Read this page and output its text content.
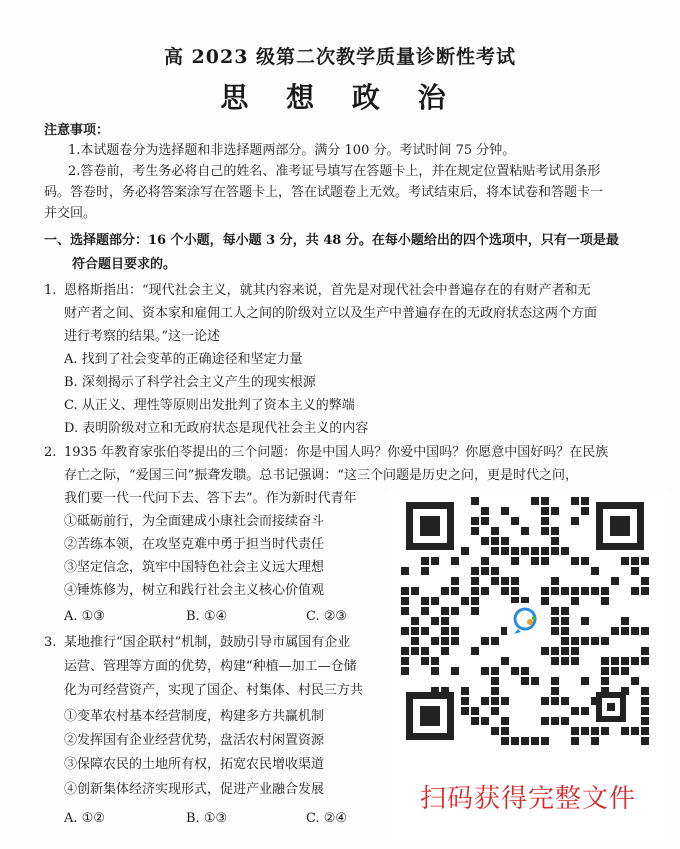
高 2023 级第二次教学质量诊断性考试
思 想 政 治
注意事项：
1.本试题卷分为选择题和非选择题两部分。满分 100 分。考试时间 75 分钟。
2.答卷前，考生务必将自己的姓名、准考证号填写在答题卡上，并在规定位置粘贴考试用条形
码。答卷时，务必将答案涂写在答题卡上，答在试题卷上无效。考试结束后，将本试卷和答题卡一
并交回。
一、选择题部分：16 个小题，每小题 3 分，共 48 分。在每小题给出的四个选项中，只有一项是最
符合题目要求的。
1. 恩格斯指出：“现代社会主义，就其内容来说，首先是对现代社会中普遍存在的有财产者和无
财产者之间、资本家和雇佣工人之间的阶级对立以及生产中普遍存在的无政府状态这两个方面
进行考察的结果。”这一论述
A. 找到了社会变革的正确途径和坚定力量
B. 深刻揭示了科学社会主义产生的现实根源
C. 从正义、理性等原则出发批判了资本主义的弊端
D. 表明阶级对立和无政府状态是现代社会主义的内容
2. 1935 年教育家张伯苓提出的三个问题：你是中国人吗？你爱中国吗？你愿意中国好吗？在民族
存亡之际，“爱国三问”振聋发聩。总书记强调：“这三个问题是历史之问，更是时代之问，
我们要一代一代问下去、答下去”。作为新时代青年
①砥砺前行，为全面建成小康社会而接续奋斗
②苦练本领，在攻坚克难中勇于担当时代责任
③坚定信念，筑牢中国特色社会主义远大理想
④锤炼修为，树立和践行社会主义核心价值观
A. ①③	B. ①④	C. ②③
3. 某地推行“国企联村”机制，鼓励引导市属国有企业
运营、管理等方面的优势，构建“种植—加工—仓储
化为可经营资产，实现了国企、村集体、村民三方共
①变革农村基本经营制度，构建多方共赢机制
②发挥国有企业经营优势，盘活农村闲置资源
③保障农民的土地所有权，拓宽农民增收渠道
④创新集体经济实现形式，促进产业融合发展
A. ①②	B. ①③	C. ②④
扫码获得完整文件
